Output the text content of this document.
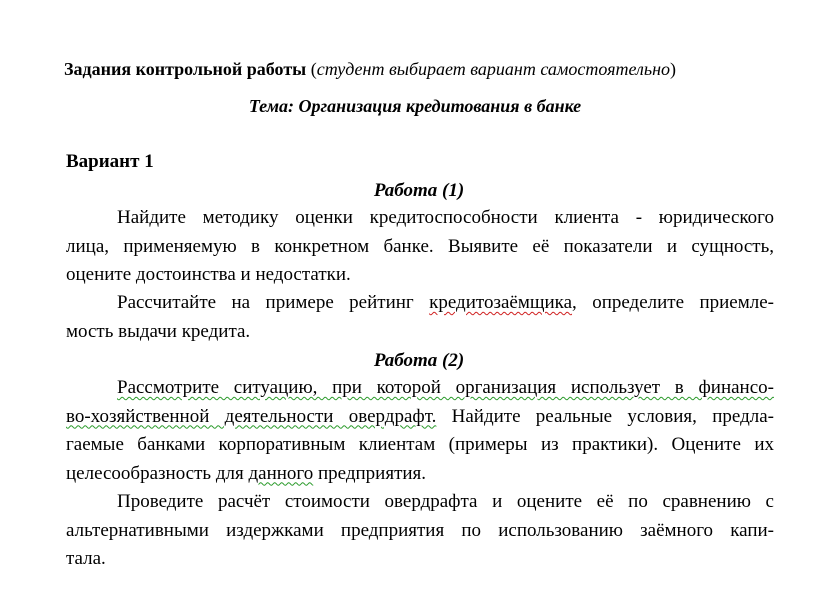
Задания контрольной работы (студент выбирает вариант самостоятельно)
Тема: Организация кредитования в банке
Вариант 1
Работа (1)
Найдите методику оценки кредитоспособности клиента - юридического
лица, применяемую в конкретном банке. Выявите её показатели и сущность,
оцените достоинства и недостатки.
Рассчитайте на примере рейтинг кредитозаёмщика, определите приемле-
мость выдачи кредита.
Работа (2)
Рассмотрите ситуацию, при которой организация использует в финансо-
во-хозяйственной деятельности овердрафт. Найдите реальные условия, предла-
гаемые банками корпоративным клиентам (примеры из практики). Оцените их
целесообразность для данного предприятия.
Проведите расчёт стоимости овердрафта и оцените её по сравнению с
альтернативными издержками предприятия по использованию заёмного капи-
тала.
